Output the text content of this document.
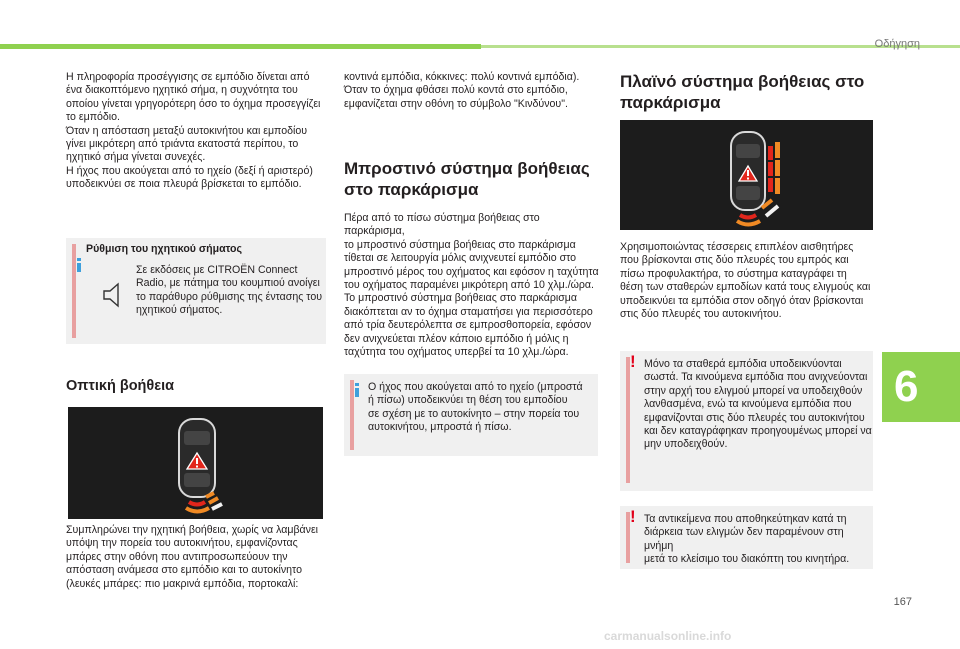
Οδήγηση
6
167
carmanualsonline.info

Η πληροφορία προσέγγισης σε εμπόδιο δίνεται από

ένα διακοπτόμενο ηχητικό σήμα, η συχνότητα του

οποίου γίνεται γρηγορότερη όσο το όχημα προσεγγίζει

το εμπόδιο.

Όταν η απόσταση μεταξύ αυτοκινήτου και εμποδίου

γίνει μικρότερη από τριάντα εκατοστά περίπου, το

ηχητικό σήμα γίνεται συνεχές.

Η ήχος που ακούγεται από το ηχείο (δεξί ή αριστερό)

υποδεικνύει σε ποια πλευρά βρίσκεται το εμπόδιο.

Ρύθμιση του ηχητικού σήματος

Σε εκδόσεις με CITROËN Connect

Radio, με πάτημα του κουμπιού ανοίγει

το παράθυρο ρύθμισης της έντασης του

ηχητικού σήματος.

Οπτική βοήθεια

Συμπληρώνει την ηχητική βοήθεια, χωρίς να λαμβάνει

υπόψη την πορεία του αυτοκινήτου, εμφανίζοντας

μπάρες στην οθόνη που αντιπροσωπεύουν την

απόσταση ανάμεσα στο εμπόδιο και το αυτοκίνητο

(λευκές μπάρες: πιο μακρινά εμπόδια, πορτοκαλί:

κοντινά εμπόδια, κόκκινες: πολύ κοντινά εμπόδια).

Όταν το όχημα φθάσει πολύ κοντά στο εμπόδιο,

εμφανίζεται στην οθόνη το σύμβολο "Κινδύνου".

Μπροστινό σύστημα βοήθειας
στο παρκάρισμα

Πέρα από το πίσω σύστημα βοήθειας στο παρκάρισμα,

το μπροστινό σύστημα βοήθειας στο παρκάρισμα

τίθεται σε λειτουργία μόλις ανιχνευτεί εμπόδιο στο

μπροστινό μέρος του οχήματος και εφόσον η ταχύτητα

του οχήματος παραμένει μικρότερη από 10 χλμ./ώρα.

Το μπροστινό σύστημα βοήθειας στο παρκάρισμα

διακόπτεται αν το όχημα σταματήσει για περισσότερο

από τρία δευτερόλεπτα σε εμπροσθοπορεία, εφόσον

δεν ανιχνεύεται πλέον κάποιο εμπόδιο ή μόλις η

ταχύτητα του οχήματος υπερβεί τα 10 χλμ./ώρα.

Ο ήχος που ακούγεται από το ηχείο (μπροστά

ή πίσω) υποδεικνύει τη θέση του εμποδίου

σε σχέση με το αυτοκίνητο – στην πορεία του

αυτοκινήτου, μπροστά ή πίσω.

Πλαϊνό σύστημα βοήθειας στο
παρκάρισμα

Χρησιμοποιώντας τέσσερεις επιπλέον αισθητήρες

που βρίσκονται στις δύο πλευρές του εμπρός και

πίσω προφυλακτήρα, το σύστημα καταγράφει τη

θέση των σταθερών εμποδίων κατά τους ελιγμούς και

υποδεικνύει τα εμπόδια στον οδηγό όταν βρίσκονται

στις δύο πλευρές του αυτοκινήτου.

! Μόνο τα σταθερά εμπόδια υποδεικνύονται

σωστά. Τα κινούμενα εμπόδια που ανιχνεύονται

στην αρχή του ελιγμού μπορεί να υποδειχθούν

λανθασμένα, ενώ τα κινούμενα εμπόδια που

εμφανίζονται στις δύο πλευρές του αυτοκινήτου

και δεν καταγράφηκαν προηγουμένως μπορεί να

μην υποδειχθούν.

! Τα αντικείμενα που αποθηκεύτηκαν κατά τη

διάρκεια των ελιγμών δεν παραμένουν στη μνήμη

μετά το κλείσιμο του διακόπτη του κινητήρα.
